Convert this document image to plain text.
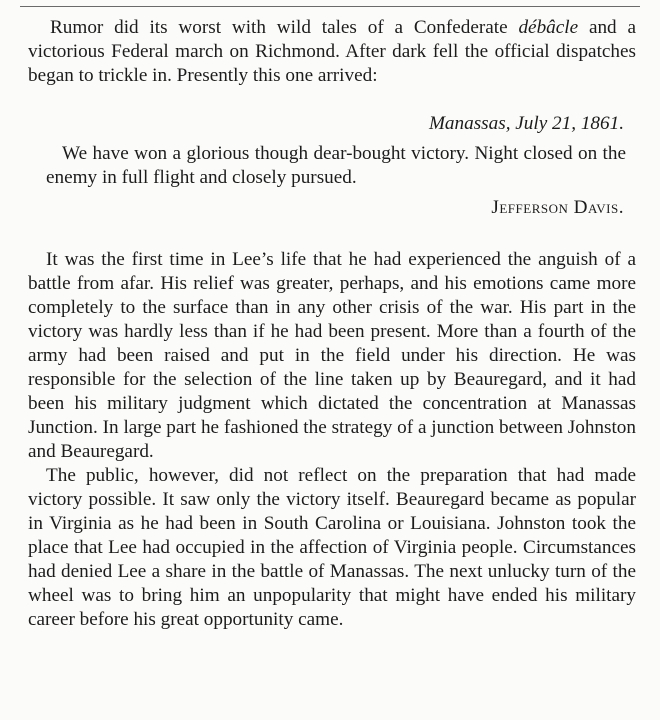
Rumor did its worst with wild tales of a Confederate débâcle and a victorious Federal march on Richmond. After dark fell the official dispatches began to trickle in. Presently this one arrived:

Manassas, July 21, 1861.

We have won a glorious though dear-bought victory. Night closed on the enemy in full flight and closely pursued.

Jefferson Davis.

It was the first time in Lee’s life that he had experienced the anguish of a battle from afar. His relief was greater, perhaps, and his emotions came more completely to the surface than in any other crisis of the war. His part in the victory was hardly less than if he had been present. More than a fourth of the army had been raised and put in the field under his direction. He was responsible for the selection of the line taken up by Beauregard, and it had been his military judgment which dictated the concentration at Manassas Junction. In large part he fashioned the strategy of a junction between Johnston and Beauregard.

The public, however, did not reflect on the preparation that had made victory possible. It saw only the victory itself. Beauregard became as popular in Virginia as he had been in South Carolina or Louisiana. Johnston took the place that Lee had occupied in the affection of Virginia people. Circumstances had denied Lee a share in the battle of Manassas. The next unlucky turn of the wheel was to bring him an unpopularity that might have ended his military career before his great opportunity came.
